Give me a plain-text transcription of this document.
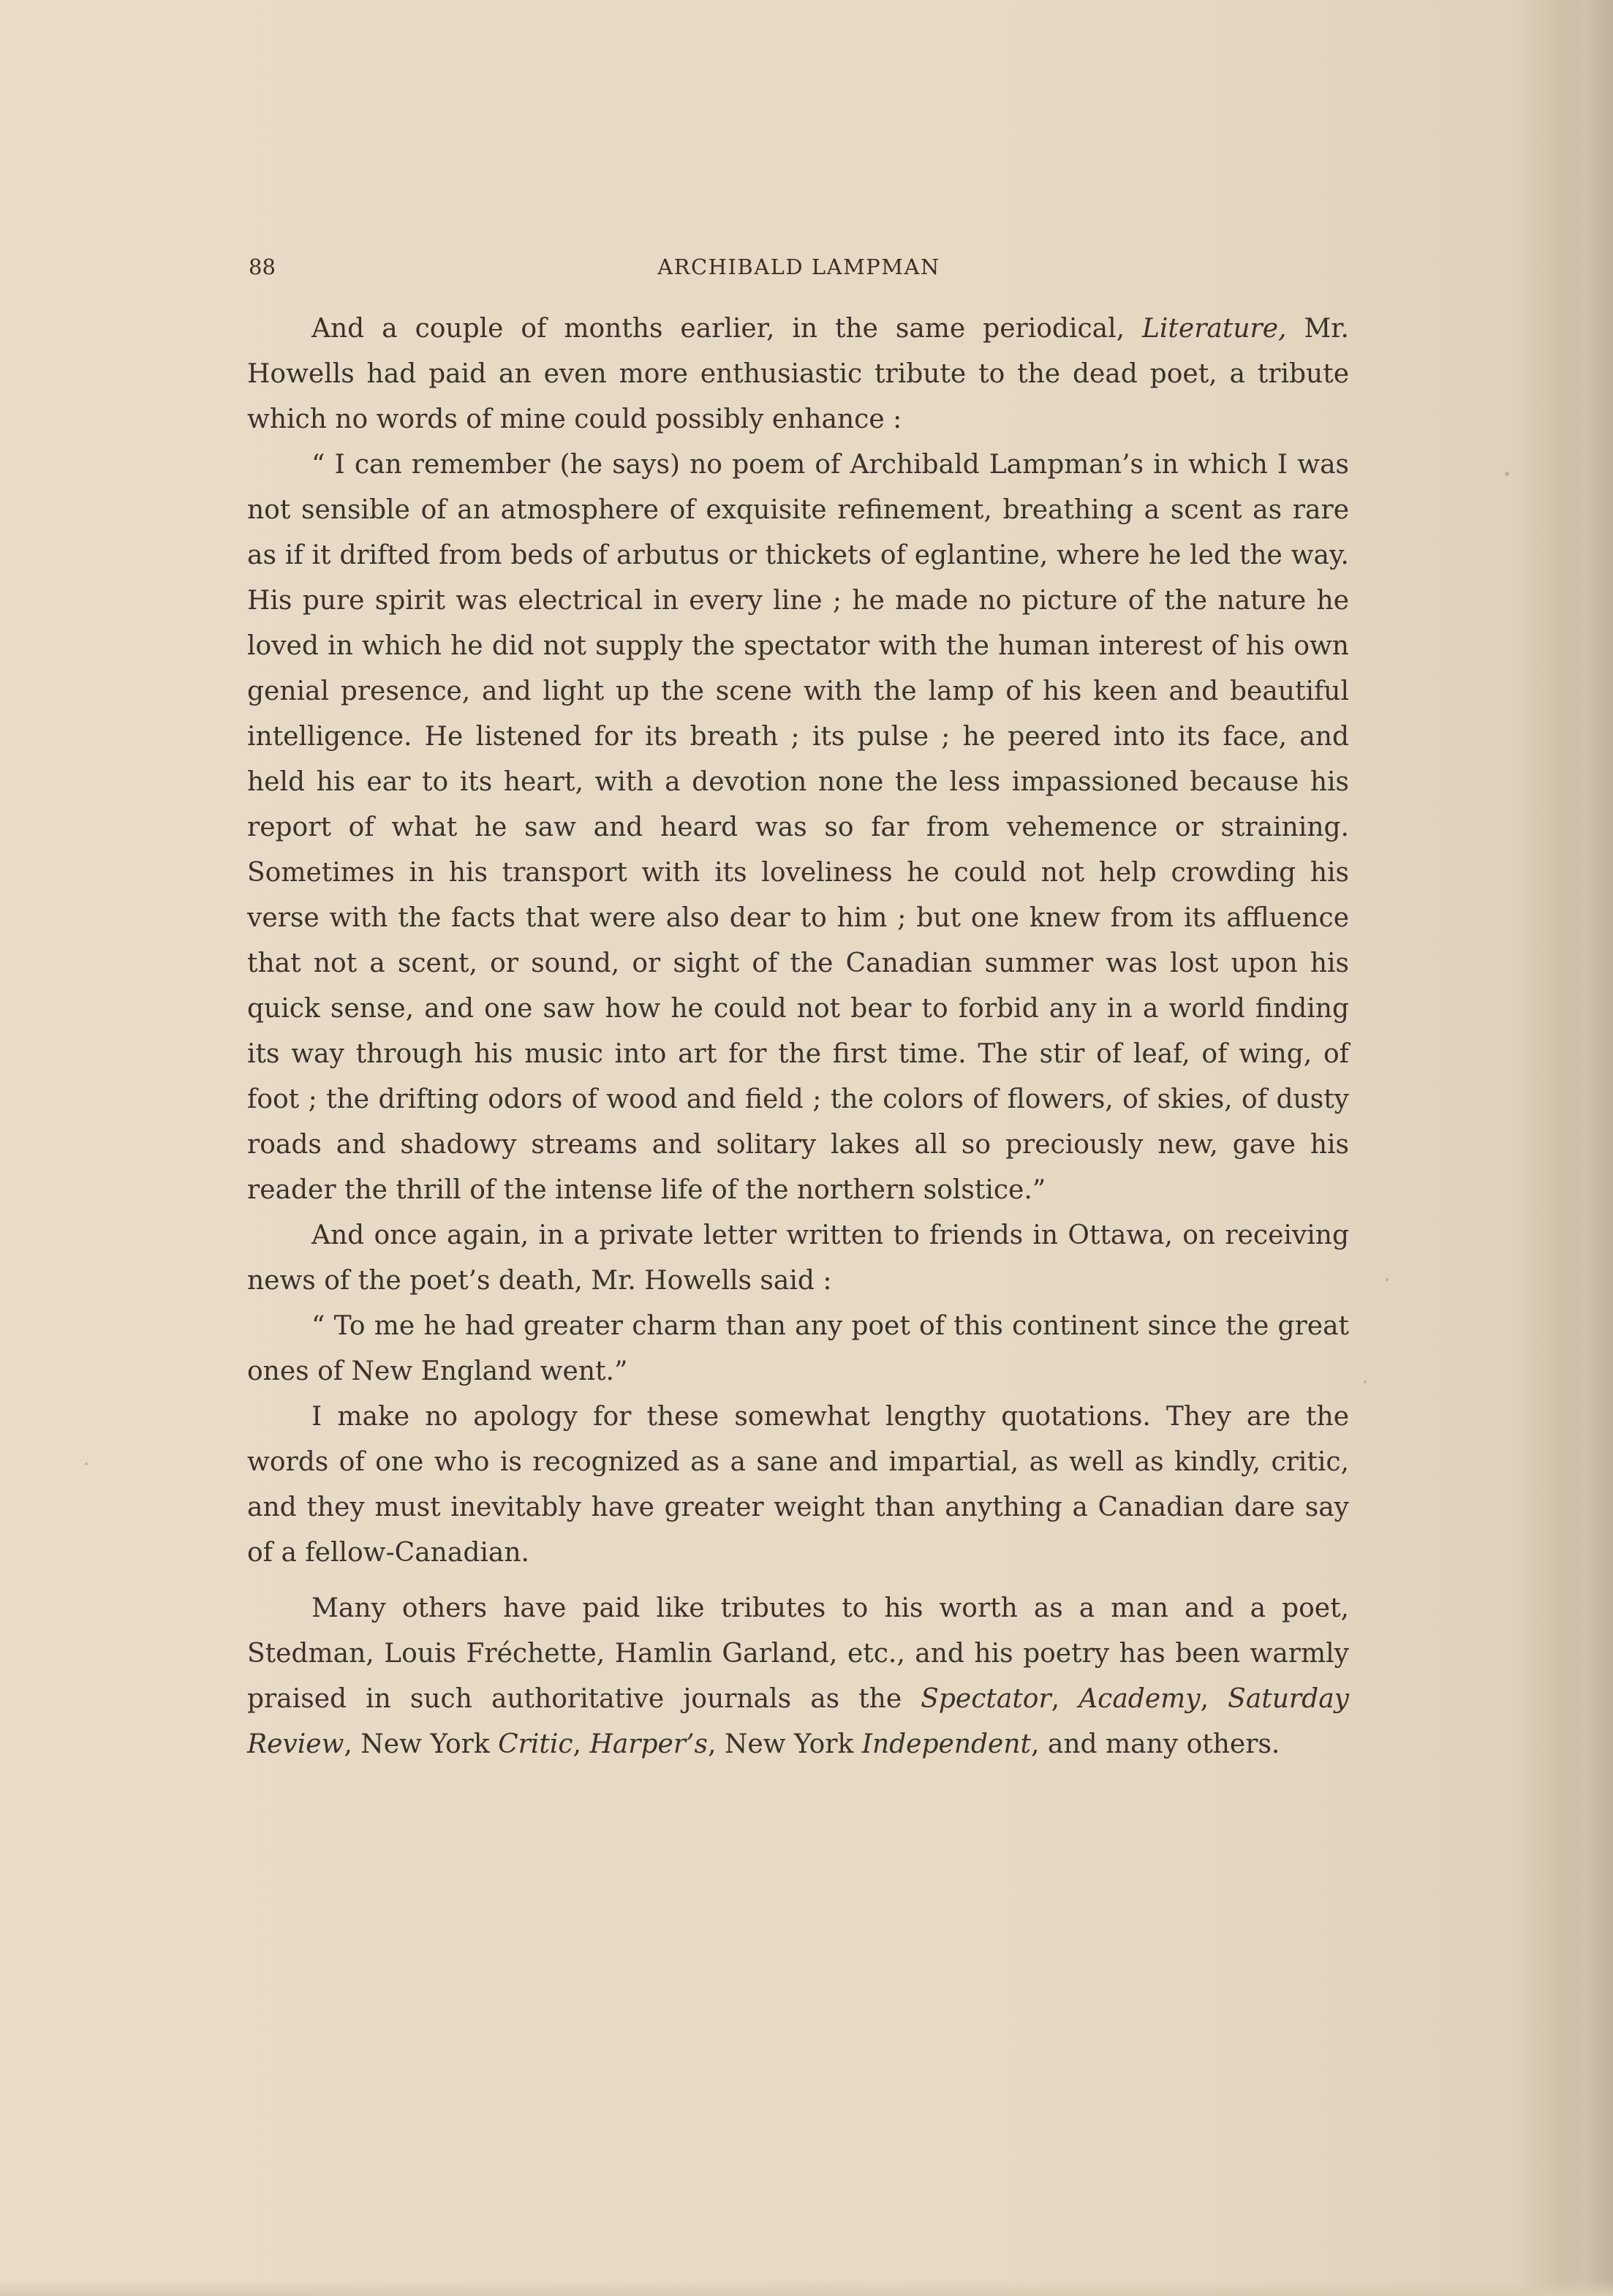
88	ARCHIBALD LAMPMAN

And a couple of months earlier, in the same periodical, Literature, Mr. Howells had paid an even more enthusiastic tribute to the dead poet, a tribute which no words of mine could possibly enhance :

“ I can remember (he says) no poem of Archibald Lampman’s in which I was not sensible of an atmosphere of exquisite refinement, breathing a scent as rare as if it drifted from beds of arbutus or thickets of eglantine, where he led the way. His pure spirit was electrical in every line ; he made no picture of the nature he loved in which he did not supply the spectator with the human interest of his own genial presence, and light up the scene with the lamp of his keen and beautiful intelligence. He listened for its breath ; its pulse ; he peered into its face, and held his ear to its heart, with a devotion none the less impassioned because his report of what he saw and heard was so far from vehemence or straining. Sometimes in his transport with its loveliness he could not help crowding his verse with the facts that were also dear to him ; but one knew from its affluence that not a scent, or sound, or sight of the Canadian summer was lost upon his quick sense, and one saw how he could not bear to forbid any in a world finding its way through his music into art for the first time. The stir of leaf, of wing, of foot ; the drifting odors of wood and field ; the colors of flowers, of skies, of dusty roads and shadowy streams and solitary lakes all so preciously new, gave his reader the thrill of the intense life of the northern solstice.”

And once again, in a private letter written to friends in Ottawa, on receiving news of the poet’s death, Mr. Howells said :

“ To me he had greater charm than any poet of this continent since the great ones of New England went.”

I make no apology for these somewhat lengthy quotations. They are the words of one who is recognized as a sane and impartial, as well as kindly, critic, and they must inevitably have greater weight than anything a Canadian dare say of a fellow-Canadian.

Many others have paid like tributes to his worth as a man and a poet, Stedman, Louis Fréchette, Hamlin Garland, etc., and his poetry has been warmly praised in such authoritative journals as the Spectator, Academy, Saturday Review, New York Critic, Harper’s, New York Independent, and many others.
